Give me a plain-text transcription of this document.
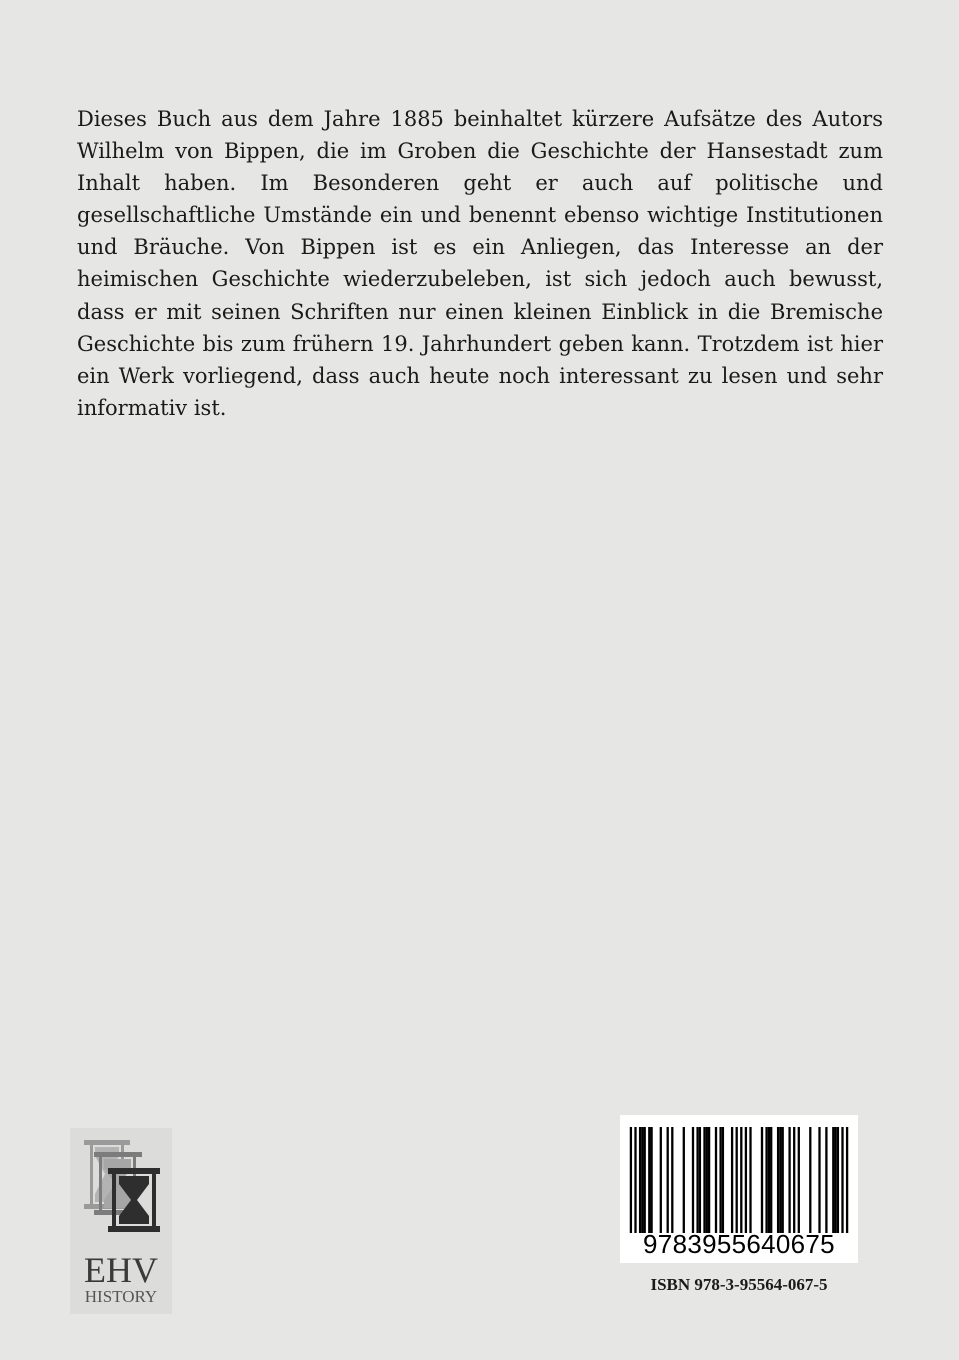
Dieses Buch aus dem Jahre 1885 beinhaltet kürzere Aufsätze des Autors Wilhelm von Bippen, die im Groben die Geschichte der Hansestadt zum Inhalt haben. Im Besonderen geht er auch auf politische und gesellschaftliche Umstände ein und benennt ebenso wichtige Institutionen und Bräuche. Von Bippen ist es ein Anliegen, das Interesse an der heimischen Geschichte wiederzubeleben, ist sich jedoch auch bewusst, dass er mit seinen Schriften nur einen kleinen Einblick in die Bremische Geschichte bis zum frühern 19. Jahrhundert geben kann. Trotzdem ist hier ein Werk vorliegend, dass auch heute noch interessant zu lesen und sehr informativ ist.

EHV
HISTORY
9783955640675
ISBN 978-3-95564-067-5
